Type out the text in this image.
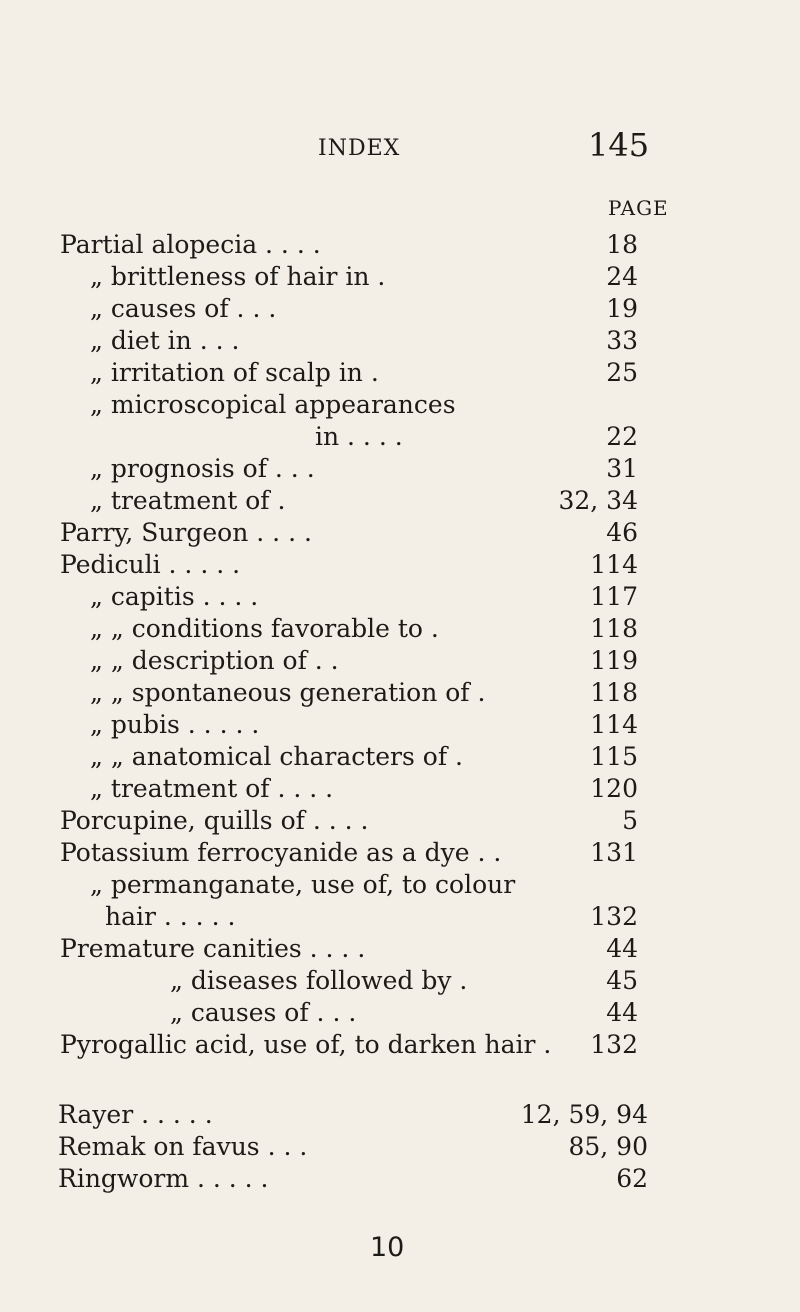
INDEX	145
PAGE
Partial alopecia . . . .	18
„ brittleness of hair in .	24
„ causes of . . .	19
„ diet in . . .	33
„ irritation of scalp in .	25
„ microscopical appearances
in . . . .	22
„ prognosis of . . .	31
„ treatment of .	32, 34
Parry, Surgeon . . . .	46
Pediculi . . . . .	114
„ capitis . . . .	117
„ „ conditions favorable to .	118
„ „ description of . .	119
„ „ spontaneous generation of .	118
„ pubis . . . . .	114
„ „ anatomical characters of .	115
„ treatment of . . . .	120
Porcupine, quills of . . . .	5
Potassium ferrocyanide as a dye . .	131
„ permanganate, use of, to colour
hair . . . . .	132
Premature canities . . . .	44
„ diseases followed by .	45
„ causes of . . .	44
Pyrogallic acid, use of, to darken hair . 132
Rayer . . . . .	12, 59, 94
Remak on favus . . .	85, 90
Ringworm . . . . .	62
10
